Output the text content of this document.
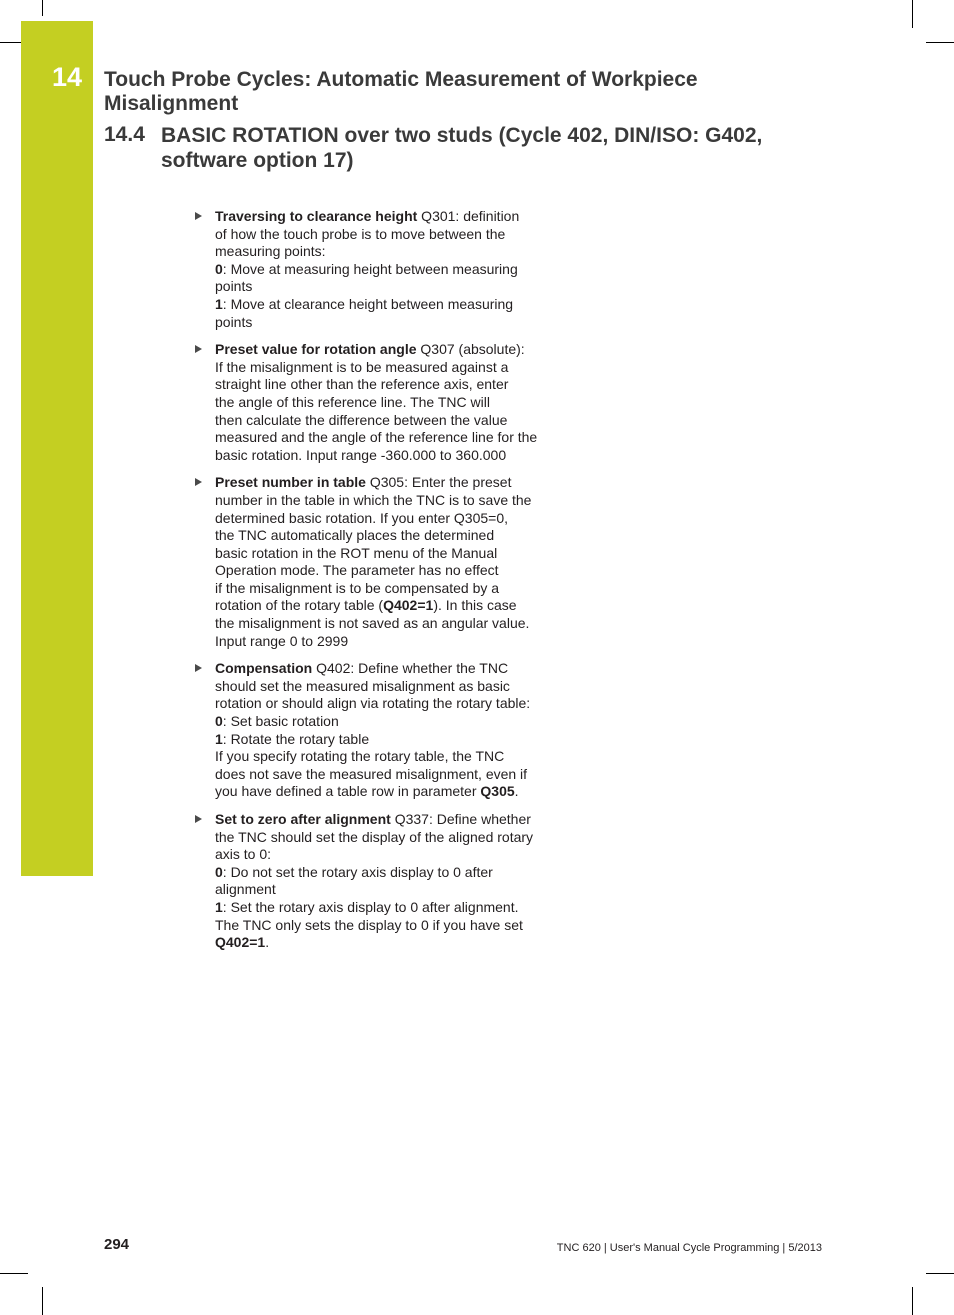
14 Touch Probe Cycles: Automatic Measurement of Workpiece
Misalignment
14.4 BASIC ROTATION over two studs (Cycle 402, DIN/ISO: G402,
software option 17)
Traversing to clearance height Q301: definition
of how the touch probe is to move between the
measuring points:
0: Move at measuring height between measuring
points
1: Move at clearance height between measuring
points
Preset value for rotation angle Q307 (absolute):
If the misalignment is to be measured against a
straight line other than the reference axis, enter
the angle of this reference line. The TNC will
then calculate the difference between the value
measured and the angle of the reference line for the
basic rotation. Input range -360.000 to 360.000
Preset number in table Q305: Enter the preset
number in the table in which the TNC is to save the
determined basic rotation. If you enter Q305=0,
the TNC automatically places the determined
basic rotation in the ROT menu of the Manual
Operation mode. The parameter has no effect
if the misalignment is to be compensated by a
rotation of the rotary table (Q402=1). In this case
the misalignment is not saved as an angular value.
Input range 0 to 2999
Compensation Q402: Define whether the TNC
should set the measured misalignment as basic
rotation or should align via rotating the rotary table:
0: Set basic rotation
1: Rotate the rotary table
If you specify rotating the rotary table, the TNC
does not save the measured misalignment, even if
you have defined a table row in parameter Q305.
Set to zero after alignment Q337: Define whether
the TNC should set the display of the aligned rotary
axis to 0:
0: Do not set the rotary axis display to 0 after
alignment
1: Set the rotary axis display to 0 after alignment.
The TNC only sets the display to 0 if you have set
Q402=1.
294	TNC 620 | User's Manual Cycle Programming | 5/2013
